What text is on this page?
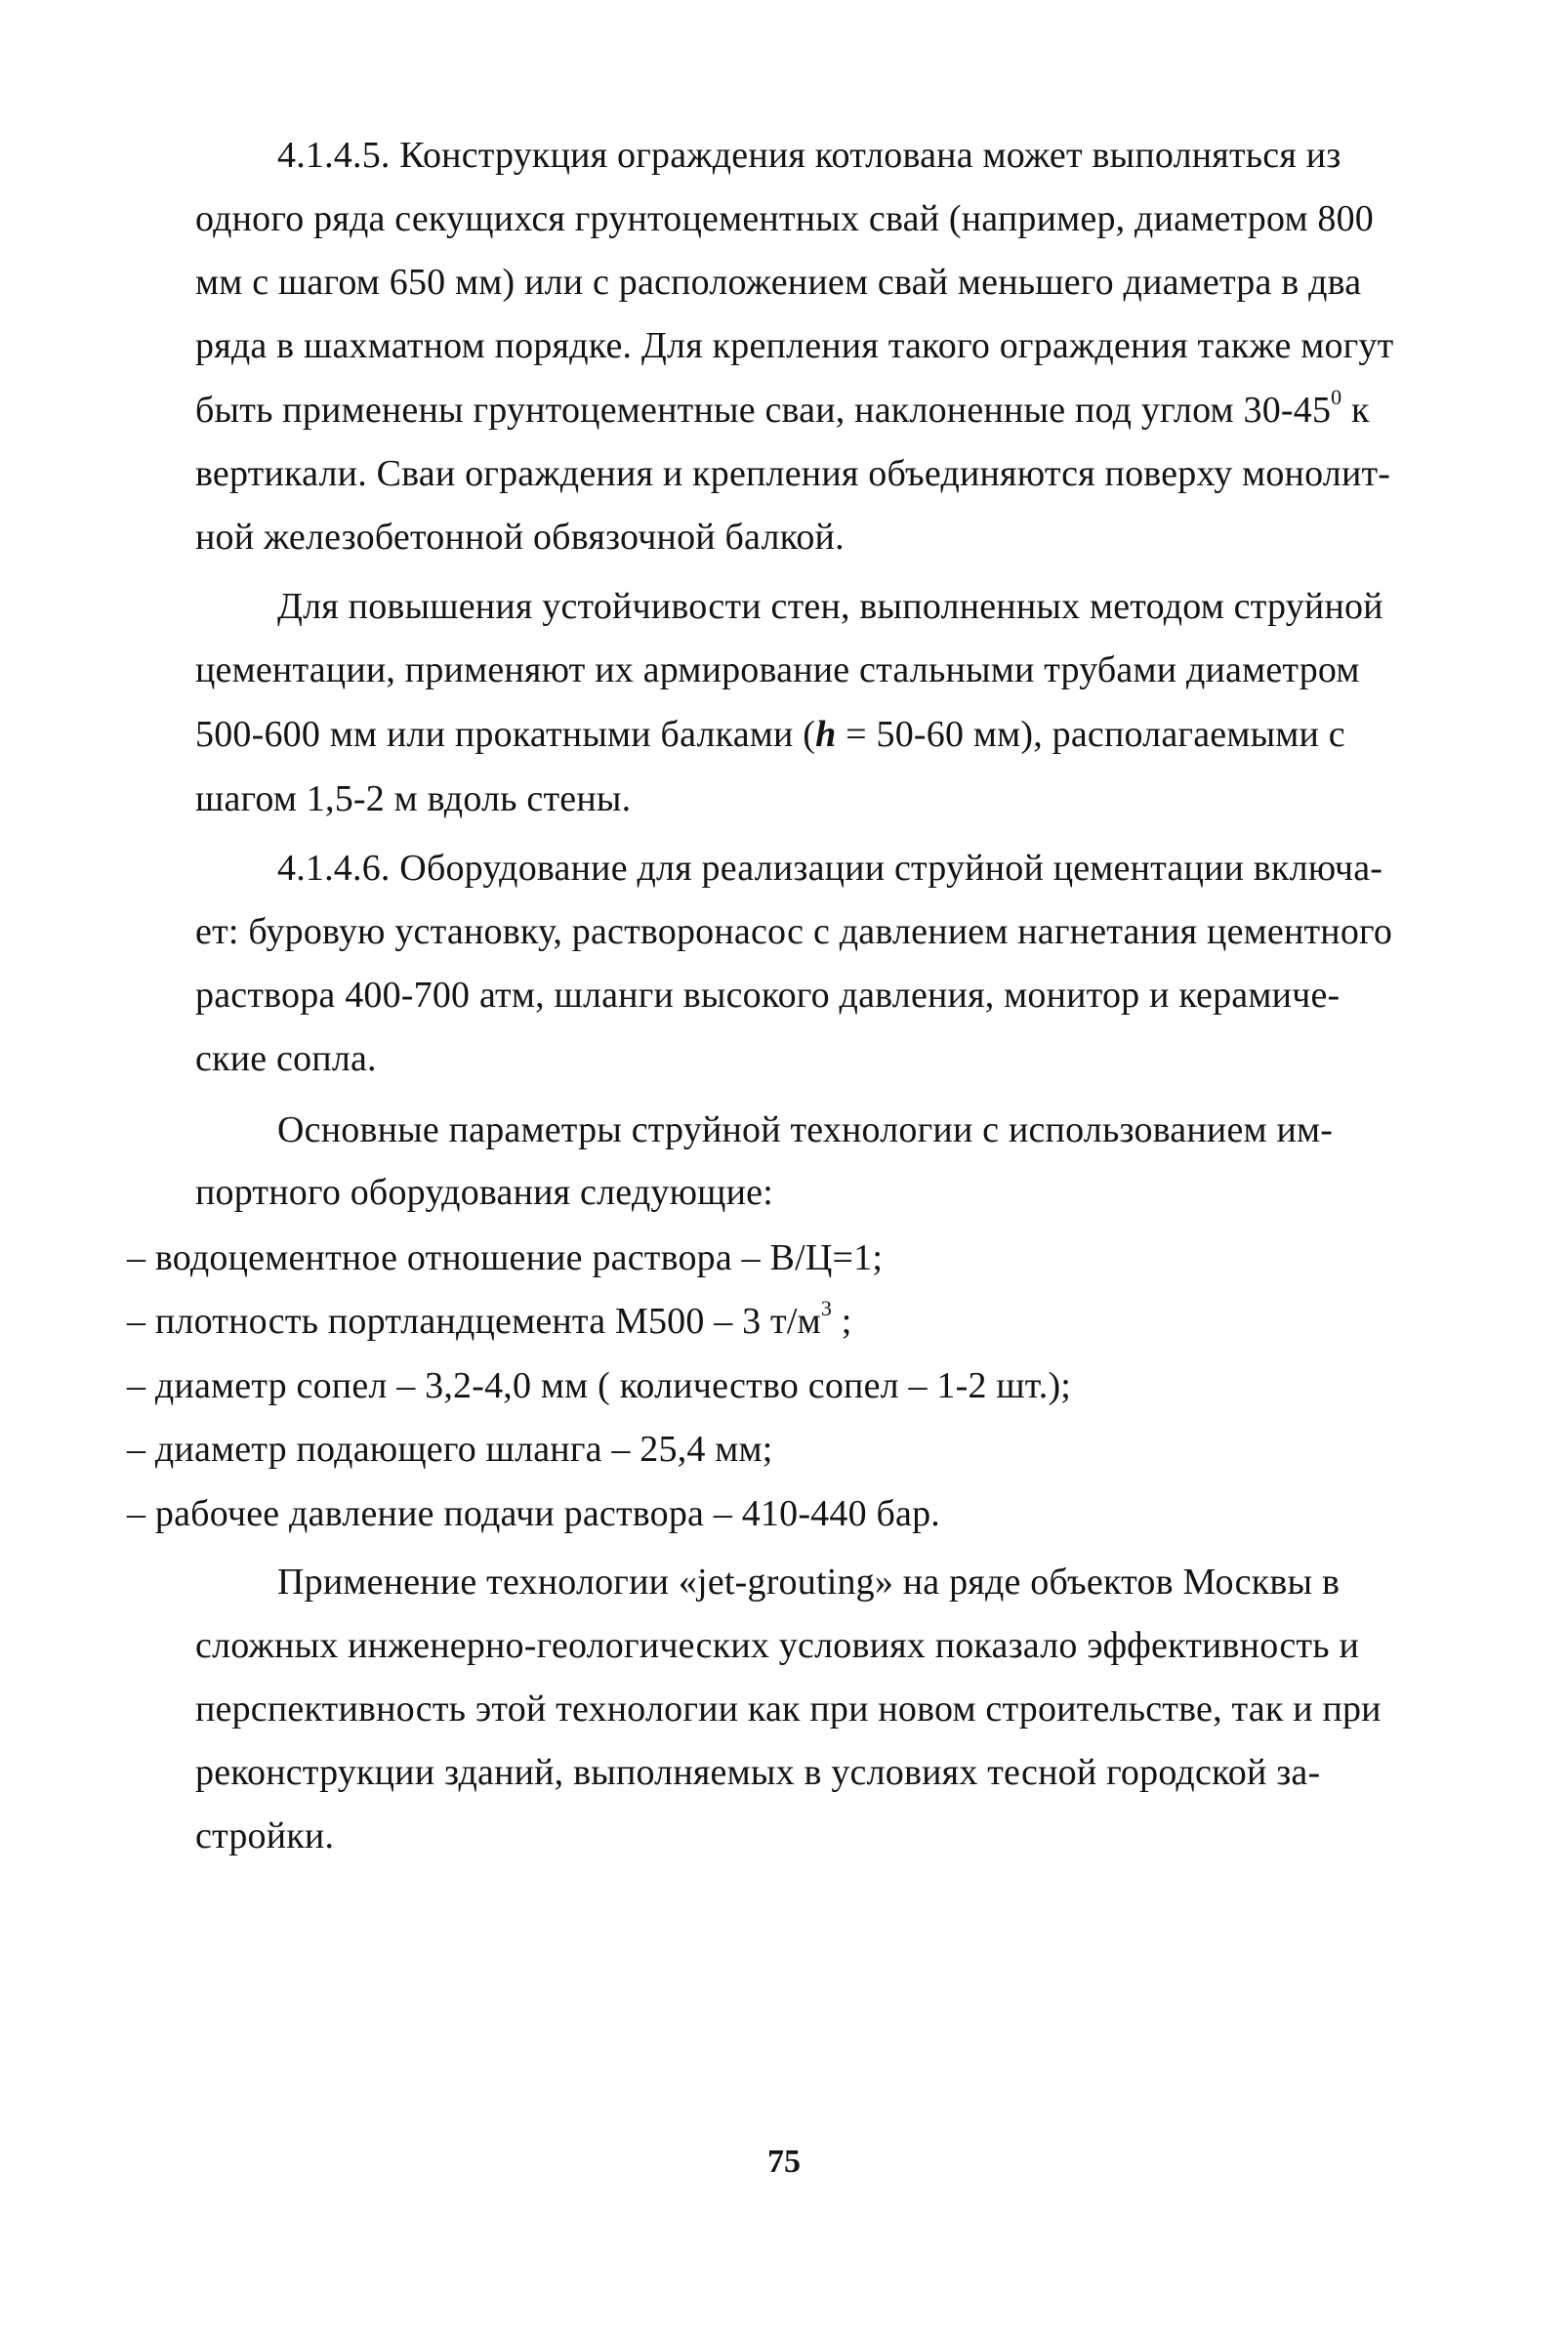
4.1.4.5. Конструкция ограждения котлована может выполняться из
одного ряда секущихся грунтоцементных свай (например, диаметром 800
мм с шагом 650 мм) или с расположением свай меньшего диаметра в два
ряда в шахматном порядке. Для крепления такого ограждения также могут
быть применены грунтоцементные сваи, наклоненные под углом $30-45^0$ к
вертикали. Сваи ограждения и крепления объединяются поверху монолит-
ной железобетонной обвязочной балкой.
Для повышения устойчивости стен, выполненных методом струйной
цементации, применяют их армирование стальными трубами диаметром
500-600 мм или прокатными балками (h = 50-60 мм), располагаемыми с
шагом 1,5-2 м вдоль стены.
4.1.4.6. Оборудование для реализации струйной цементации включа-
ет: буровую установку, растворонасос с давлением нагнетания цементного
раствора 400-700 атм, шланги высокого давления, монитор и керамиче-
ские сопла.
Основные параметры струйной технологии с использованием им-
портного оборудования следующие:
– водоцементное отношение раствора – В/Ц=1;
– плотность портландцемента М500 – 3 $т/м^3$ ;
– диаметр сопел – 3,2-4,0 мм ( количество сопел – 1-2 шт.);
– диаметр подающего шланга – 25,4 мм;
– рабочее давление подачи раствора – 410-440 бар.
Применение технологии «jet-grouting» на ряде объектов Москвы в
сложных инженерно-геологических условиях показало эффективность и
перспективность этой технологии как при новом строительстве, так и при
реконструкции зданий, выполняемых в условиях тесной городской за-
стройки.
75
